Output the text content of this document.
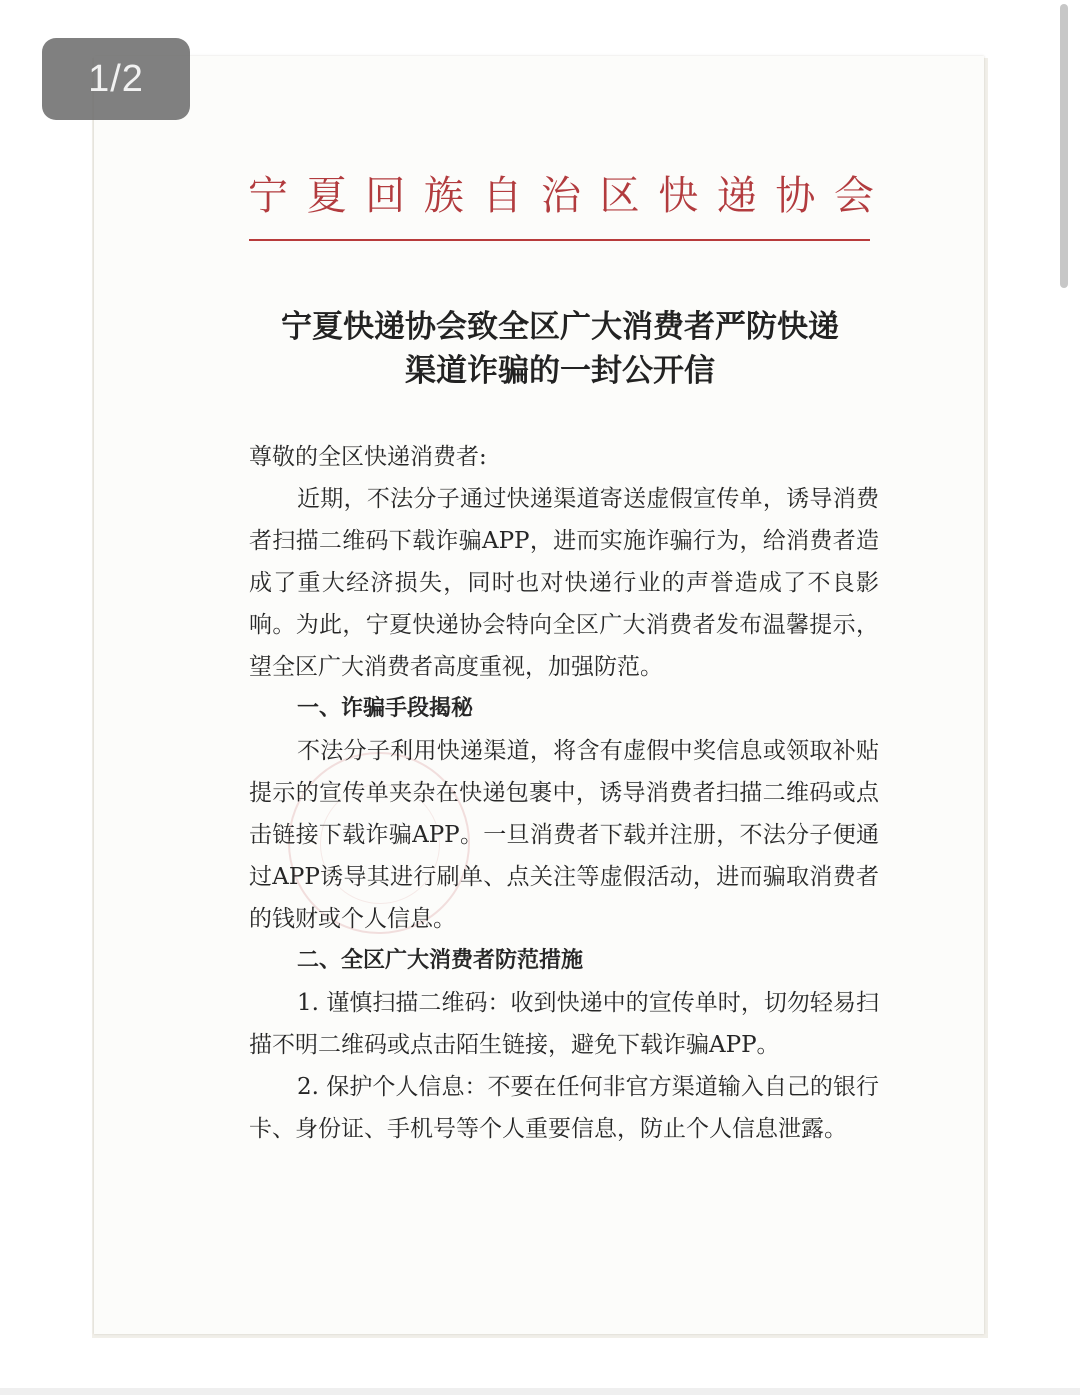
宁夏回族自治区快递协会
宁夏快递协会致全区广大消费者严防快递
渠道诈骗的一封公开信

尊敬的全区快递消费者:

近期，不法分子通过快递渠道寄送虚假宣传单，诱导消费者扫描二维码下载诈骗APP，进而实施诈骗行为，给消费者造成了重大经济损失，同时也对快递行业的声誉造成了不良影响。为此，宁夏快递协会特向全区广大消费者发布温馨提示，望全区广大消费者高度重视，加强防范。

一、诈骗手段揭秘

不法分子利用快递渠道，将含有虚假中奖信息或领取补贴提示的宣传单夹杂在快递包裹中，诱导消费者扫描二维码或点击链接下载诈骗APP。一旦消费者下载并注册，不法分子便通过APP诱导其进行刷单、点关注等虚假活动，进而骗取消费者的钱财或个人信息。

二、全区广大消费者防范措施

1. 谨慎扫描二维码：收到快递中的宣传单时，切勿轻易扫描不明二维码或点击陌生链接，避免下载诈骗APP。

2. 保护个人信息：不要在任何非官方渠道输入自己的银行卡、身份证、手机号等个人重要信息，防止个人信息泄露。

1/2
